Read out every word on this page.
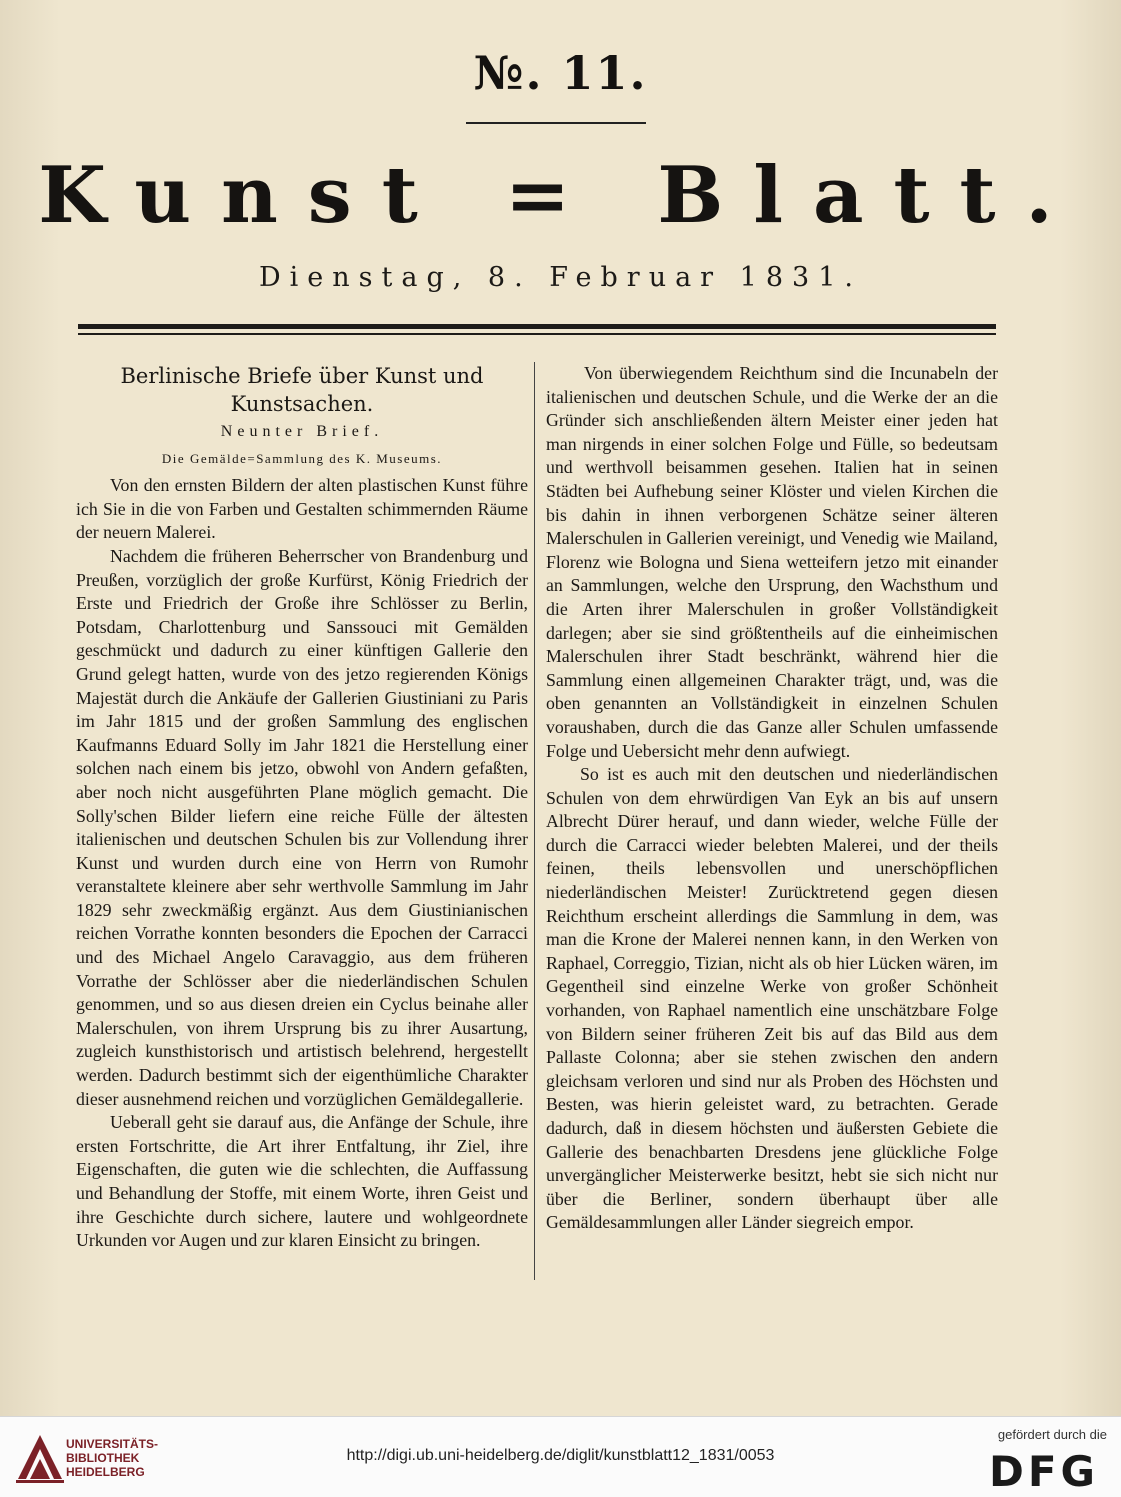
№. 11.
Kunst = Blatt.
Dienstag, 8. Februar 1831.
Berlinische Briefe über Kunst und Kunstsachen.
Neunter Brief.
Die Gemälde=Sammlung des K. Museums.

Von den ernsten Bildern der alten plastischen Kunst führe ich Sie in die von Farben und Gestalten schimmernden Räume der neuern Malerei.

Nachdem die früheren Beherrscher von Brandenburg und Preußen, vorzüglich der große Kurfürst, König Friedrich der Erste und Friedrich der Große ihre Schlösser zu Berlin, Potsdam, Charlottenburg und Sanssouci mit Gemälden geschmückt und dadurch zu einer künftigen Gallerie den Grund gelegt hatten, wurde von des jetzo regierenden Königs Majestät durch die Ankäufe der Gallerien Giustiniani zu Paris im Jahr 1815 und der großen Sammlung des englischen Kaufmanns Eduard Solly im Jahr 1821 die Herstellung einer solchen nach einem bis jetzo, obwohl von Andern gefaßten, aber noch nicht ausgeführten Plane möglich gemacht. Die Solly'schen Bilder liefern eine reiche Fülle der ältesten italienischen und deutschen Schulen bis zur Vollendung ihrer Kunst und wurden durch eine von Herrn von Rumohr veranstaltete kleinere aber sehr werthvolle Sammlung im Jahr 1829 sehr zweckmäßig ergänzt. Aus dem Giustinianischen reichen Vorrathe konnten besonders die Epochen der Carracci und des Michael Angelo Caravaggio, aus dem früheren Vorrathe der Schlösser aber die niederländischen Schulen genommen, und so aus diesen dreien ein Cyclus beinahe aller Malerschulen, von ihrem Ursprung bis zu ihrer Ausartung, zugleich kunsthistorisch und artistisch belehrend, hergestellt werden. Dadurch bestimmt sich der eigenthümliche Charakter dieser ausnehmend reichen und vorzüglichen Gemäldegallerie.

Ueberall geht sie darauf aus, die Anfänge der Schule, ihre ersten Fortschritte, die Art ihrer Entfaltung, ihr Ziel, ihre Eigenschaften, die guten wie die schlechten, die Auffassung und Behandlung der Stoffe, mit einem Worte, ihren Geist und ihre Geschichte durch sichere, lautere und wohlgeordnete Urkunden vor Augen und zur klaren Einsicht zu bringen.

Von überwiegendem Reichthum sind die Incunabeln der italienischen und deutschen Schule, und die Werke der an die Gründer sich anschließenden ältern Meister einer jeden hat man nirgends in einer solchen Folge und Fülle, so bedeutsam und werthvoll beisammen gesehen. Italien hat in seinen Städten bei Aufhebung seiner Klöster und vielen Kirchen die bis dahin in ihnen verborgenen Schätze seiner älteren Malerschulen in Gallerien vereinigt, und Venedig wie Mailand, Florenz wie Bologna und Siena wetteifern jetzo mit einander an Sammlungen, welche den Ursprung, den Wachsthum und die Arten ihrer Malerschulen in großer Vollständigkeit darlegen; aber sie sind größtentheils auf die einheimischen Malerschulen ihrer Stadt beschränkt, während hier die Sammlung einen allgemeinen Charakter trägt, und, was die oben genannten an Vollständigkeit in einzelnen Schulen voraushaben, durch die das Ganze aller Schulen umfassende Folge und Uebersicht mehr denn aufwiegt.

So ist es auch mit den deutschen und niederländischen Schulen von dem ehrwürdigen Van Eyk an bis auf unsern Albrecht Dürer herauf, und dann wieder, welche Fülle der durch die Carracci wieder belebten Malerei, und der theils feinen, theils lebensvollen und unerschöpflichen niederländischen Meister! Zurücktretend gegen diesen Reichthum erscheint allerdings die Sammlung in dem, was man die Krone der Malerei nennen kann, in den Werken von Raphael, Correggio, Tizian, nicht als ob hier Lücken wären, im Gegentheil sind einzelne Werke von großer Schönheit vorhanden, von Raphael namentlich eine unschätzbare Folge von Bildern seiner früheren Zeit bis auf das Bild aus dem Pallaste Colonna; aber sie stehen zwischen den andern gleichsam verloren und sind nur als Proben des Höchsten und Besten, was hierin geleistet ward, zu betrachten. Gerade dadurch, daß in diesem höchsten und äußersten Gebiete die Gallerie des benachbarten Dresdens jene glückliche Folge unvergänglicher Meisterwerke besitzt, hebt sie sich nicht nur über die Berliner, sondern überhaupt über alle Gemäldesammlungen aller Länder siegreich empor.

UNIVERSITÄTS-
BIBLIOTHEK
HEIDELBERG
http://digi.ub.uni-heidelberg.de/diglit/kunstblatt12_1831/0053
gefördert durch die
DFG
